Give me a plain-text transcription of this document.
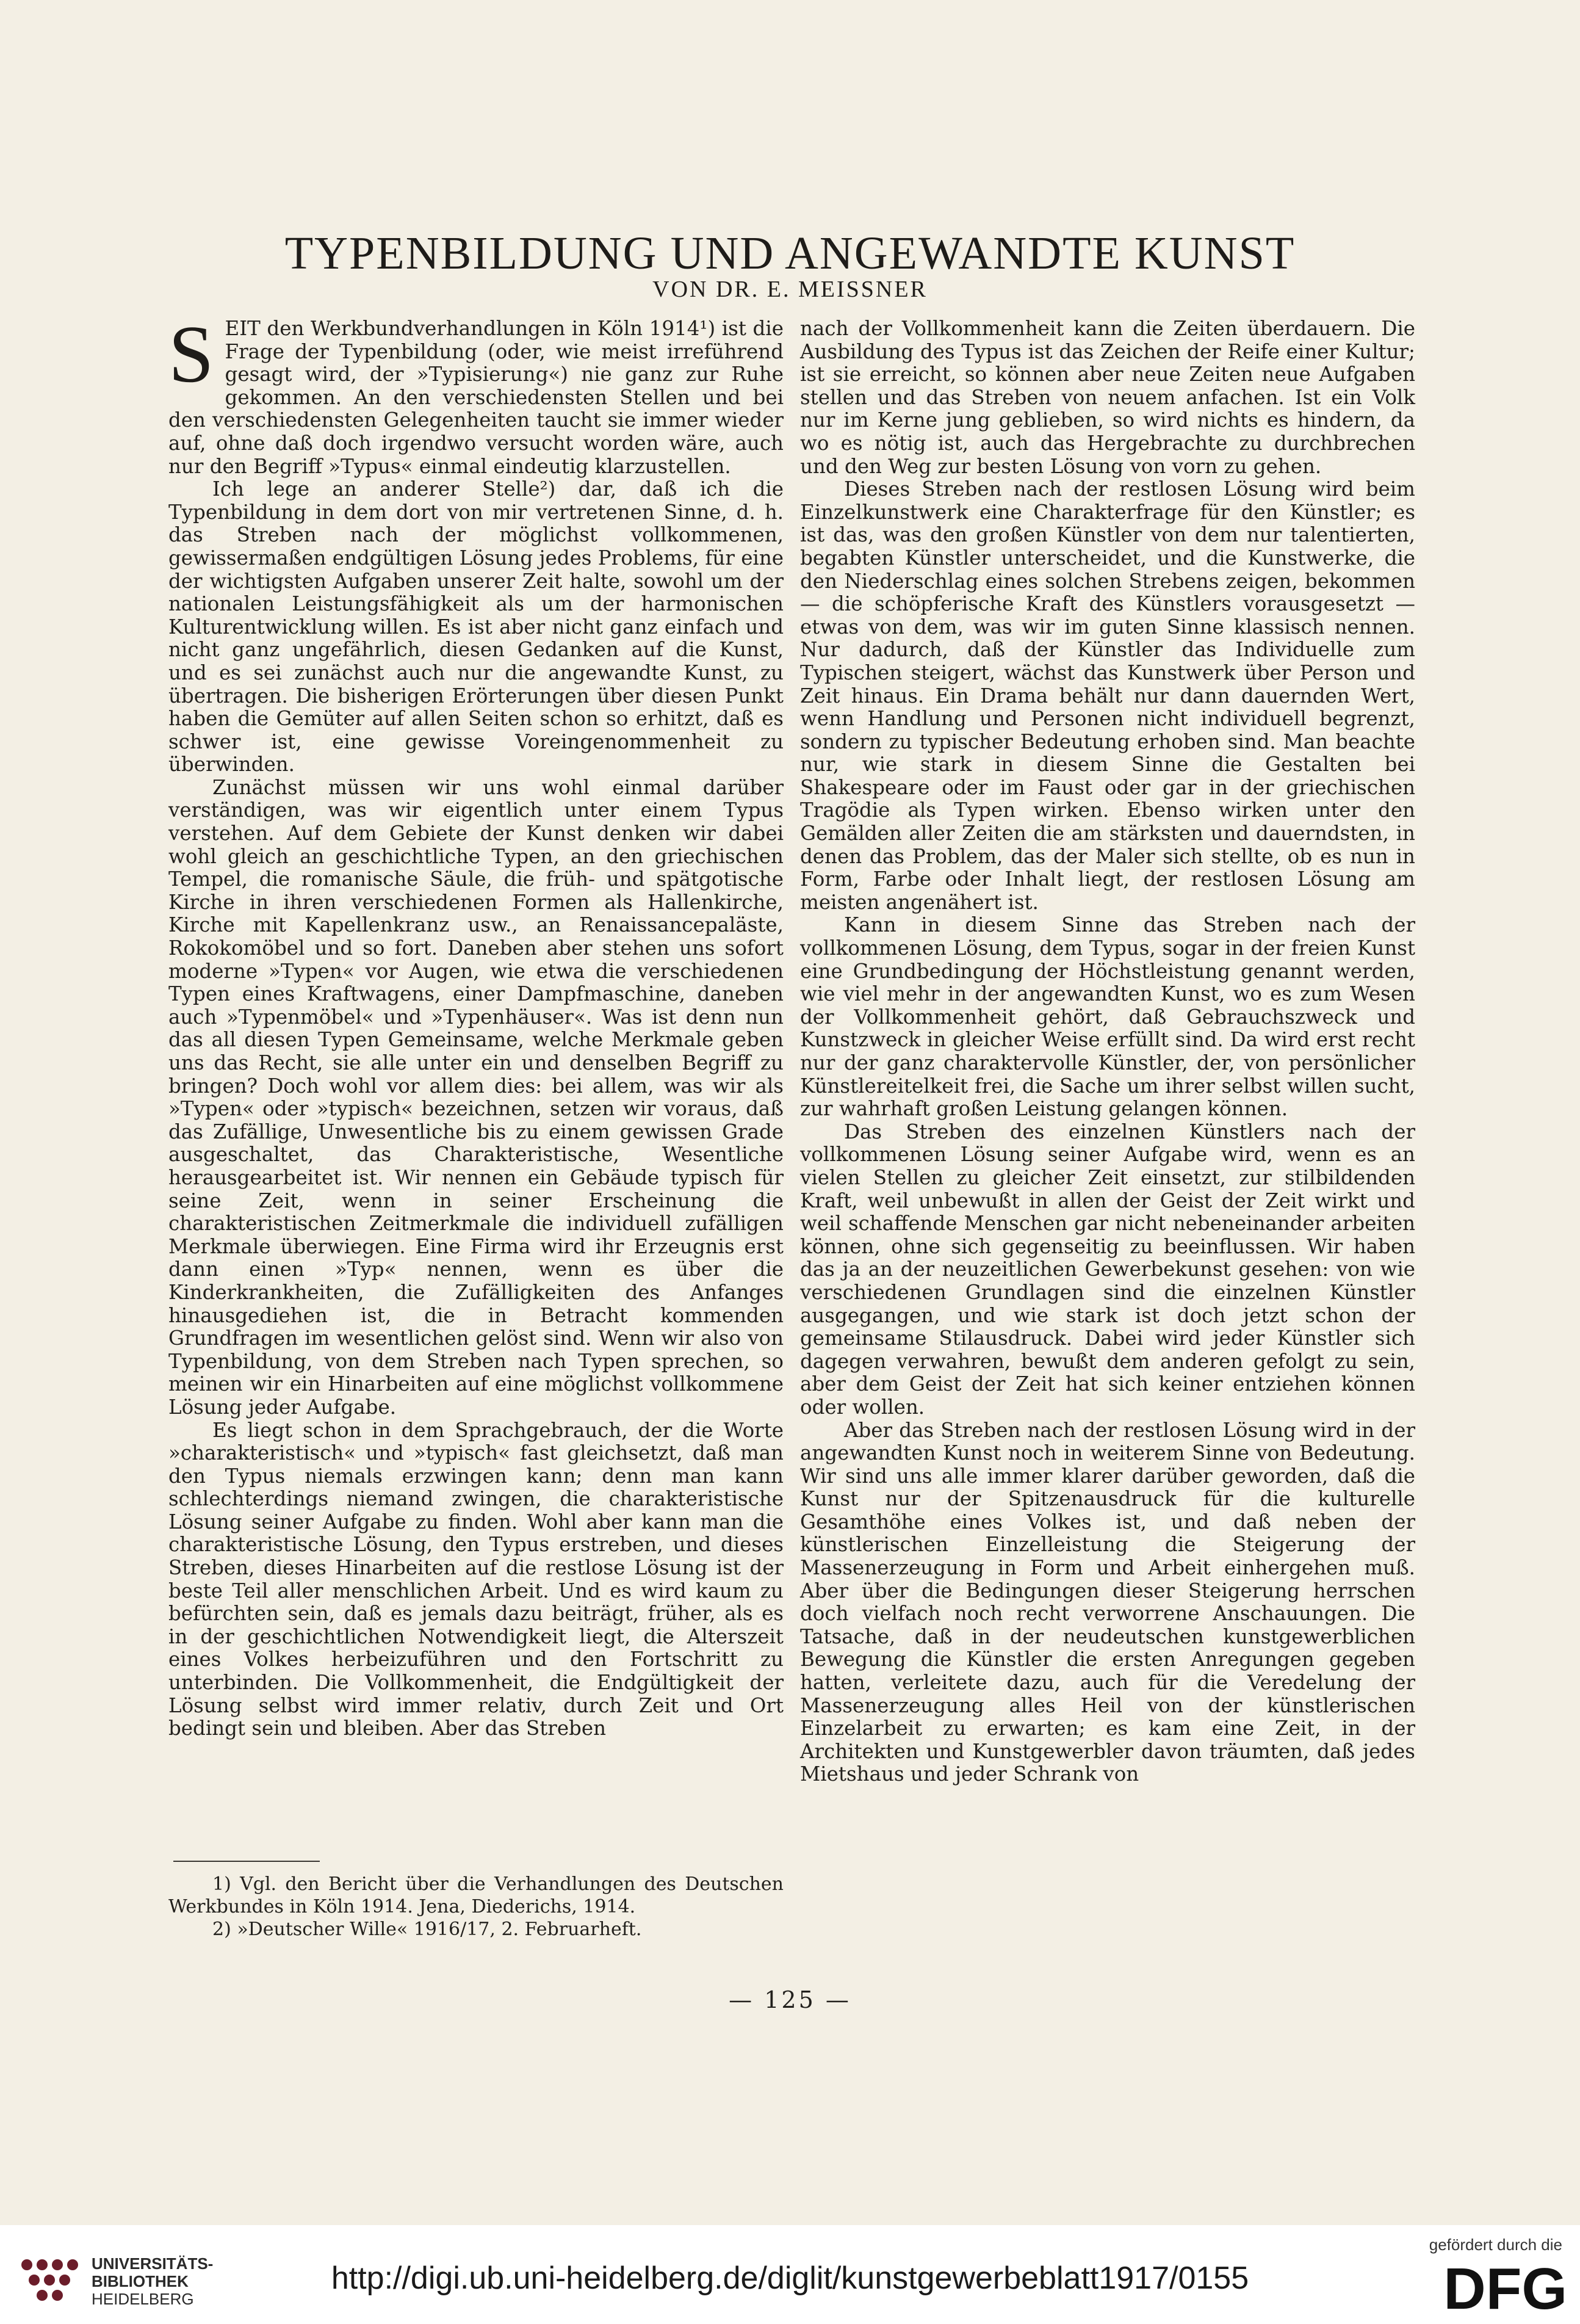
TYPENBILDUNG UND ANGEWANDTE KUNST
VON DR. E. MEISSNER

SEIT den Werkbundverhandlungen in Köln 1914¹) ist die Frage der Typenbildung (oder, wie meist irreführend gesagt wird, der »Typisierung«) nie ganz zur Ruhe gekommen. An den verschiedensten Stellen und bei den verschiedensten Gelegenheiten taucht sie immer wieder auf, ohne daß doch irgendwo versucht worden wäre, auch nur den Begriff »Typus« einmal eindeutig klarzustellen.

Ich lege an anderer Stelle²) dar, daß ich die Typenbildung in dem dort von mir vertretenen Sinne, d. h. das Streben nach der möglichst vollkommenen, gewissermaßen endgültigen Lösung jedes Problems, für eine der wichtigsten Aufgaben unserer Zeit halte, sowohl um der nationalen Leistungsfähigkeit als um der harmonischen Kulturentwicklung willen. Es ist aber nicht ganz einfach und nicht ganz ungefährlich, diesen Gedanken auf die Kunst, und es sei zunächst auch nur die angewandte Kunst, zu übertragen. Die bisherigen Erörterungen über diesen Punkt haben die Gemüter auf allen Seiten schon so erhitzt, daß es schwer ist, eine gewisse Voreingenommenheit zu überwinden.

Zunächst müssen wir uns wohl einmal darüber verständigen, was wir eigentlich unter einem Typus verstehen. Auf dem Gebiete der Kunst denken wir dabei wohl gleich an geschichtliche Typen, an den griechischen Tempel, die romanische Säule, die früh- und spätgotische Kirche in ihren verschiedenen Formen als Hallenkirche, Kirche mit Kapellenkranz usw., an Renaissancepaläste, Rokokomöbel und so fort. Daneben aber stehen uns sofort moderne »Typen« vor Augen, wie etwa die verschiedenen Typen eines Kraftwagens, einer Dampfmaschine, daneben auch »Typenmöbel« und »Typenhäuser«. Was ist denn nun das all diesen Typen Gemeinsame, welche Merkmale geben uns das Recht, sie alle unter ein und denselben Begriff zu bringen? Doch wohl vor allem dies: bei allem, was wir als »Typen« oder »typisch« bezeichnen, setzen wir voraus, daß das Zufällige, Unwesentliche bis zu einem gewissen Grade ausgeschaltet, das Charakteristische, Wesentliche herausgearbeitet ist. Wir nennen ein Gebäude typisch für seine Zeit, wenn in seiner Erscheinung die charakteristischen Zeitmerkmale die individuell zufälligen Merkmale überwiegen. Eine Firma wird ihr Erzeugnis erst dann einen »Typ« nennen, wenn es über die Kinderkrankheiten, die Zufälligkeiten des Anfanges hinausgediehen ist, die in Betracht kommenden Grundfragen im wesentlichen gelöst sind. Wenn wir also von Typenbildung, von dem Streben nach Typen sprechen, so meinen wir ein Hinarbeiten auf eine möglichst vollkommene Lösung jeder Aufgabe.

Es liegt schon in dem Sprachgebrauch, der die Worte »charakteristisch« und »typisch« fast gleichsetzt, daß man den Typus niemals erzwingen kann; denn man kann schlechterdings niemand zwingen, die charakteristische Lösung seiner Aufgabe zu finden. Wohl aber kann man die charakteristische Lösung, den Typus erstreben, und dieses Streben, dieses Hinarbeiten auf die restlose Lösung ist der beste Teil aller menschlichen Arbeit. Und es wird kaum zu befürchten sein, daß es jemals dazu beiträgt, früher, als es in der geschichtlichen Notwendigkeit liegt, die Alterszeit eines Volkes herbeizuführen und den Fortschritt zu unterbinden. Die Vollkommenheit, die Endgültigkeit der Lösung selbst wird immer relativ, durch Zeit und Ort bedingt sein und bleiben. Aber das Streben

1) Vgl. den Bericht über die Verhandlungen des Deutschen Werkbundes in Köln 1914. Jena, Diederichs, 1914.

2) »Deutscher Wille« 1916/17, 2. Februarheft.

nach der Vollkommenheit kann die Zeiten überdauern. Die Ausbildung des Typus ist das Zeichen der Reife einer Kultur; ist sie erreicht, so können aber neue Zeiten neue Aufgaben stellen und das Streben von neuem anfachen. Ist ein Volk nur im Kerne jung geblieben, so wird nichts es hindern, da wo es nötig ist, auch das Hergebrachte zu durchbrechen und den Weg zur besten Lösung von vorn zu gehen.

Dieses Streben nach der restlosen Lösung wird beim Einzelkunstwerk eine Charakterfrage für den Künstler; es ist das, was den großen Künstler von dem nur talentierten, begabten Künstler unterscheidet, und die Kunstwerke, die den Niederschlag eines solchen Strebens zeigen, bekommen — die schöpferische Kraft des Künstlers vorausgesetzt — etwas von dem, was wir im guten Sinne klassisch nennen. Nur dadurch, daß der Künstler das Individuelle zum Typischen steigert, wächst das Kunstwerk über Person und Zeit hinaus. Ein Drama behält nur dann dauernden Wert, wenn Handlung und Personen nicht individuell begrenzt, sondern zu typischer Bedeutung erhoben sind. Man beachte nur, wie stark in diesem Sinne die Gestalten bei Shakespeare oder im Faust oder gar in der griechischen Tragödie als Typen wirken. Ebenso wirken unter den Gemälden aller Zeiten die am stärksten und dauerndsten, in denen das Problem, das der Maler sich stellte, ob es nun in Form, Farbe oder Inhalt liegt, der restlosen Lösung am meisten angenähert ist.

Kann in diesem Sinne das Streben nach der vollkommenen Lösung, dem Typus, sogar in der freien Kunst eine Grundbedingung der Höchstleistung genannt werden, wie viel mehr in der angewandten Kunst, wo es zum Wesen der Vollkommenheit gehört, daß Gebrauchszweck und Kunstzweck in gleicher Weise erfüllt sind. Da wird erst recht nur der ganz charaktervolle Künstler, der, von persönlicher Künstlereitelkeit frei, die Sache um ihrer selbst willen sucht, zur wahrhaft großen Leistung gelangen können.

Das Streben des einzelnen Künstlers nach der vollkommenen Lösung seiner Aufgabe wird, wenn es an vielen Stellen zu gleicher Zeit einsetzt, zur stilbildenden Kraft, weil unbewußt in allen der Geist der Zeit wirkt und weil schaffende Menschen gar nicht nebeneinander arbeiten können, ohne sich gegenseitig zu beeinflussen. Wir haben das ja an der neuzeitlichen Gewerbekunst gesehen: von wie verschiedenen Grundlagen sind die einzelnen Künstler ausgegangen, und wie stark ist doch jetzt schon der gemeinsame Stilausdruck. Dabei wird jeder Künstler sich dagegen verwahren, bewußt dem anderen gefolgt zu sein, aber dem Geist der Zeit hat sich keiner entziehen können oder wollen.

Aber das Streben nach der restlosen Lösung wird in der angewandten Kunst noch in weiterem Sinne von Bedeutung. Wir sind uns alle immer klarer darüber geworden, daß die Kunst nur der Spitzenausdruck für die kulturelle Gesamthöhe eines Volkes ist, und daß neben der künstlerischen Einzelleistung die Steigerung der Massenerzeugung in Form und Arbeit einhergehen muß. Aber über die Bedingungen dieser Steigerung herrschen doch vielfach noch recht verworrene Anschauungen. Die Tatsache, daß in der neudeutschen kunstgewerblichen Bewegung die Künstler die ersten Anregungen gegeben hatten, verleitete dazu, auch für die Veredelung der Massenerzeugung alles Heil von der künstlerischen Einzelarbeit zu erwarten; es kam eine Zeit, in der Architekten und Kunstgewerbler davon träumten, daß jedes Mietshaus und jeder Schrank von

— 125 —
UNIVERSITÄTS-
BIBLIOTHEK
HEIDELBERG
http://digi.ub.uni-heidelberg.de/diglit/kunstgewerbeblatt1917/0155
gefördert durch die
DFG
